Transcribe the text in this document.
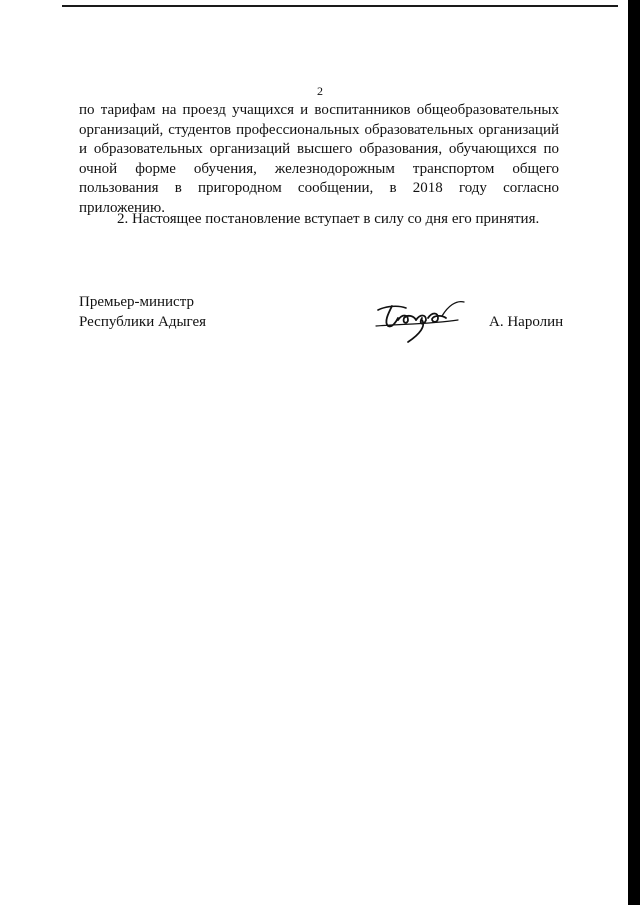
2

по тарифам на проезд учащихся и воспитанников общеобразовательных организаций, студентов профессиональных образовательных организаций и образовательных организаций высшего образования, обучающихся по очной форме обучения, железнодорожным транспортом общего пользования в пригородном сообщении, в 2018 году согласно приложению.

2. Настоящее постановление вступает в силу со дня его принятия.

Премьер-министр
Республики Адыгея	А. Наролин
